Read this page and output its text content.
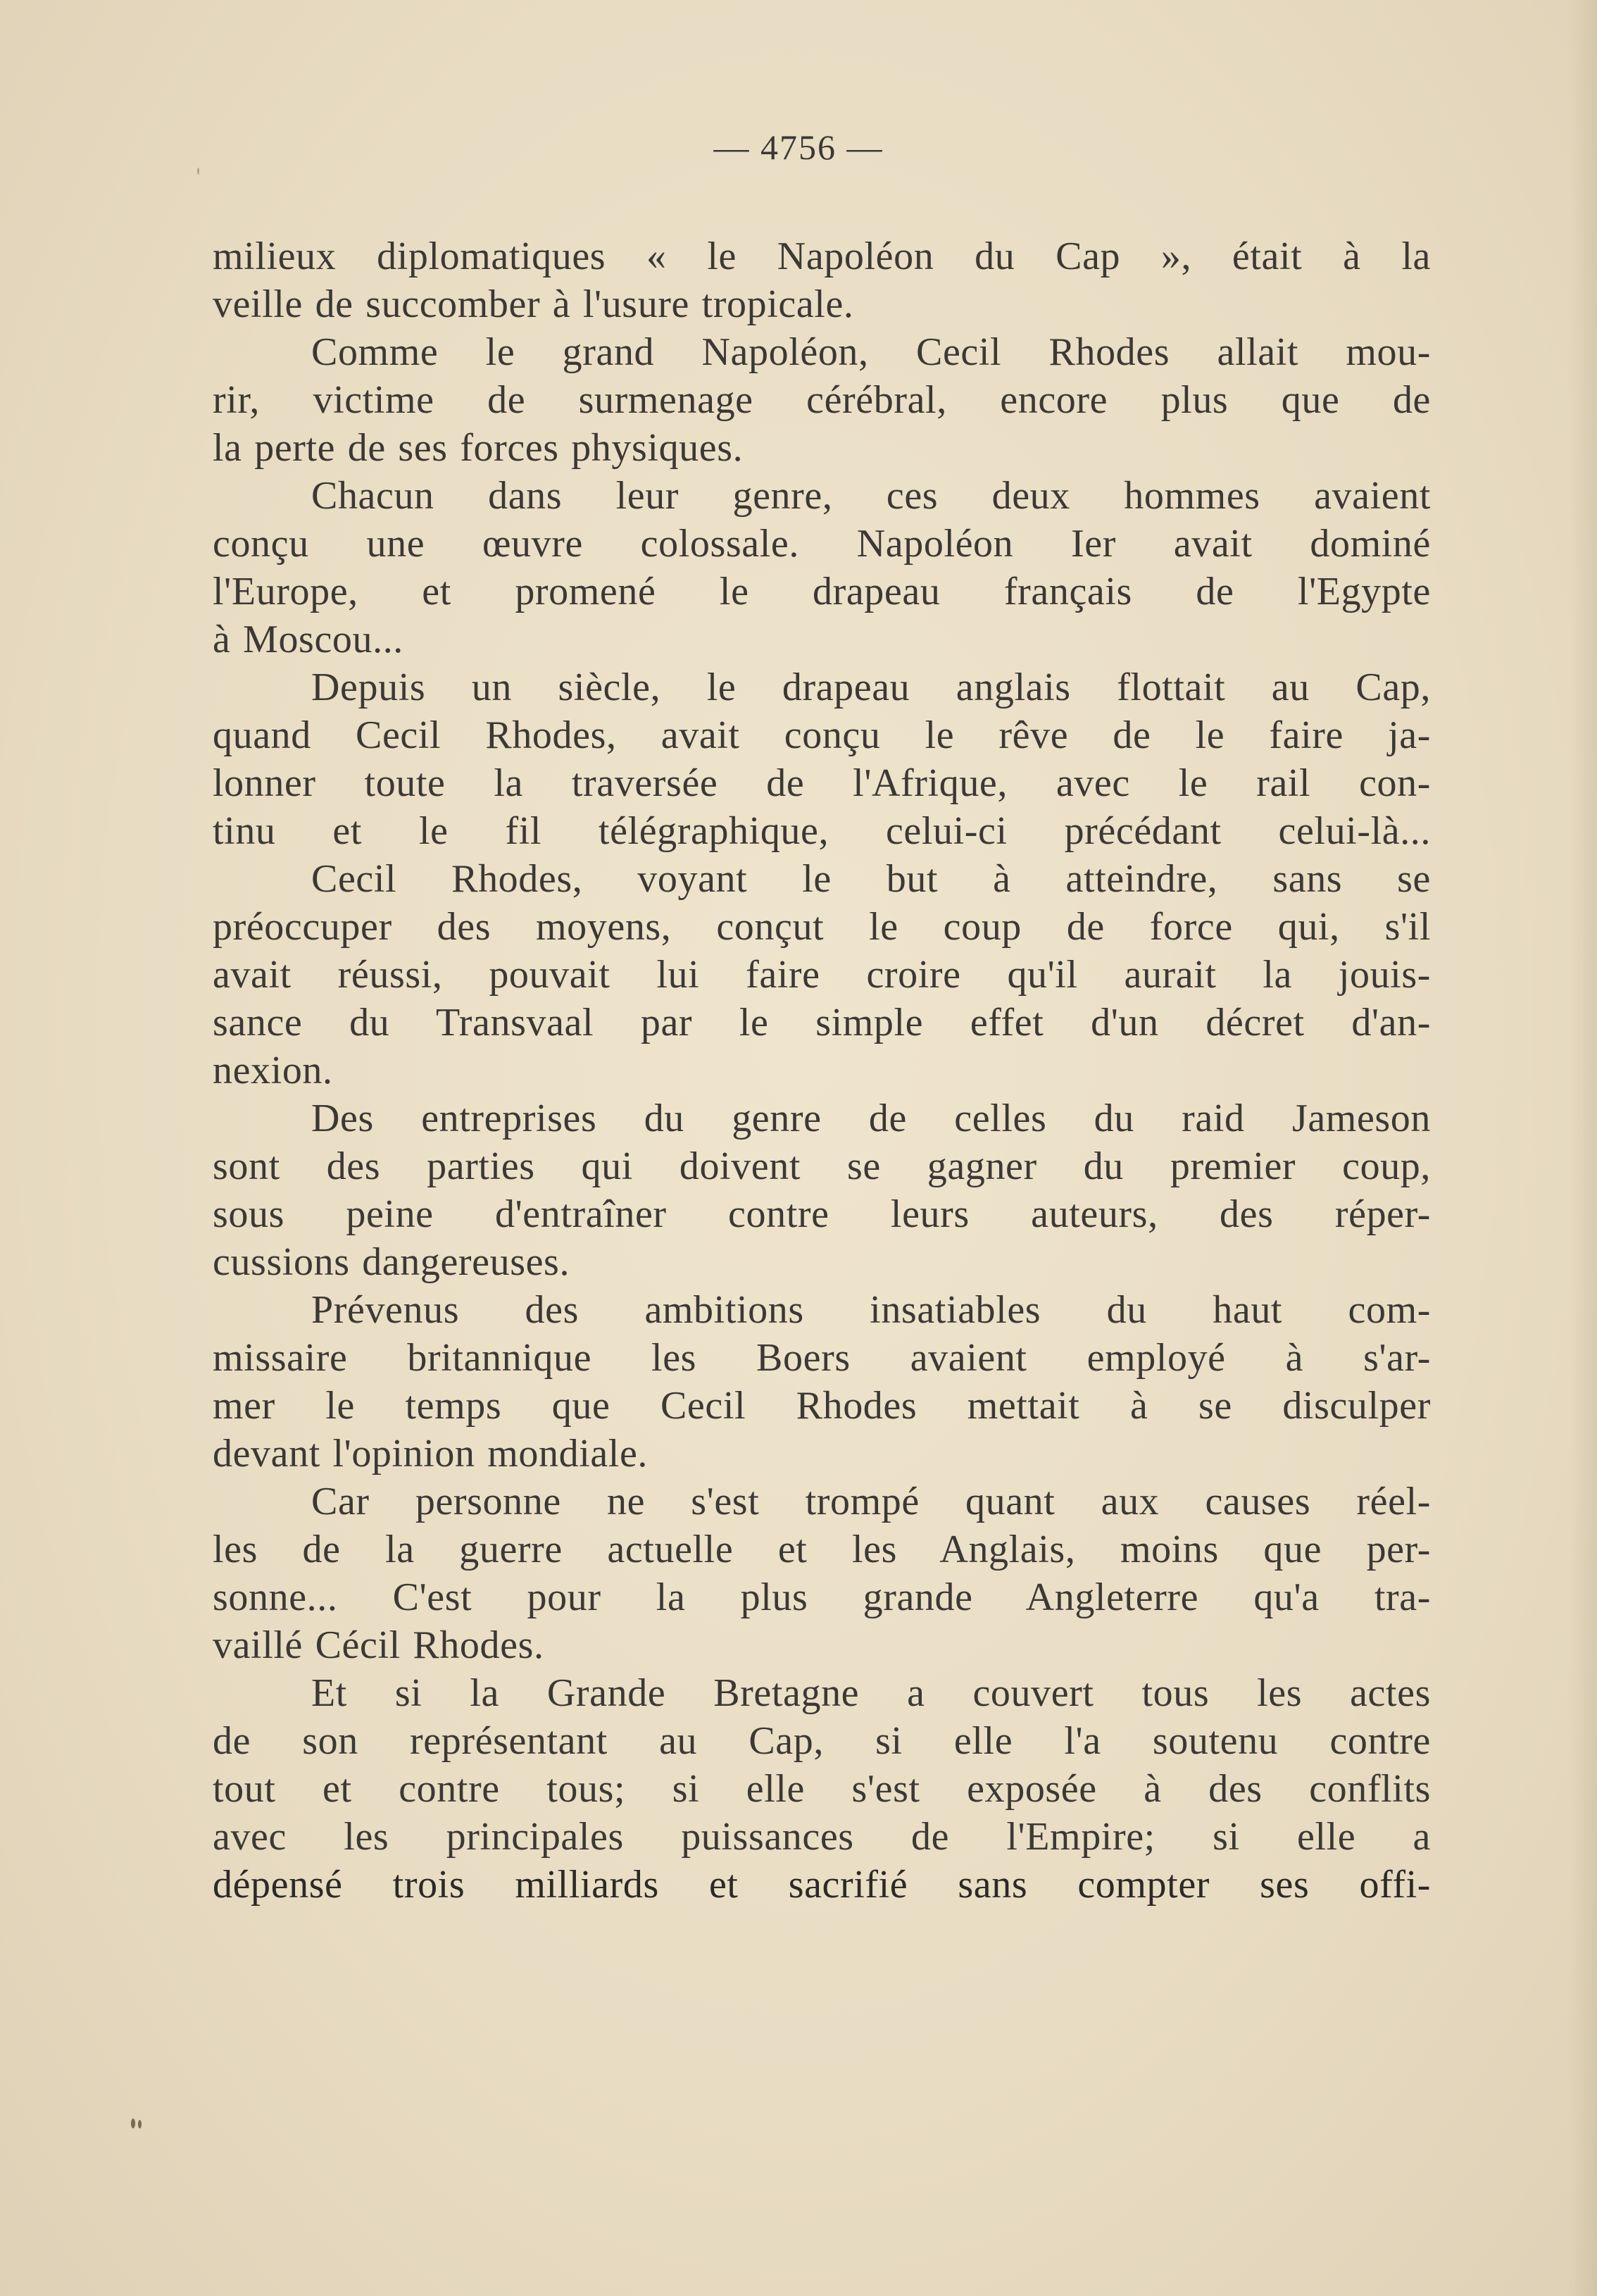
— 4756 —
milieux diplomatiques « le Napoléon du Cap », était à la
veille de succomber à l'usure tropicale.
Comme le grand Napoléon, Cecil Rhodes allait mou-
rir, victime de surmenage cérébral, encore plus que de
la perte de ses forces physiques.
Chacun dans leur genre, ces deux hommes avaient
conçu une œuvre colossale. Napoléon Ier avait dominé
l'Europe, et promené le drapeau français de l'Egypte
à Moscou...
Depuis un siècle, le drapeau anglais flottait au Cap,
quand Cecil Rhodes, avait conçu le rêve de le faire ja-
lonner toute la traversée de l'Afrique, avec le rail con-
tinu et le fil télégraphique, celui-ci précédant celui-là...
Cecil Rhodes, voyant le but à atteindre, sans se
préoccuper des moyens, conçut le coup de force qui, s'il
avait réussi, pouvait lui faire croire qu'il aurait la jouis-
sance du Transvaal par le simple effet d'un décret d'an-
nexion.
Des entreprises du genre de celles du raid Jameson
sont des parties qui doivent se gagner du premier coup,
sous peine d'entraîner contre leurs auteurs, des réper-
cussions dangereuses.
Prévenus des ambitions insatiables du haut com-
missaire britannique les Boers avaient employé à s'ar-
mer le temps que Cecil Rhodes mettait à se disculper
devant l'opinion mondiale.
Car personne ne s'est trompé quant aux causes réel-
les de la guerre actuelle et les Anglais, moins que per-
sonne... C'est pour la plus grande Angleterre qu'a tra-
vaillé Cécil Rhodes.
Et si la Grande Bretagne a couvert tous les actes
de son représentant au Cap, si elle l'a soutenu contre
tout et contre tous; si elle s'est exposée à des conflits
avec les principales puissances de l'Empire; si elle a
dépensé trois milliards et sacrifié sans compter ses offi-
